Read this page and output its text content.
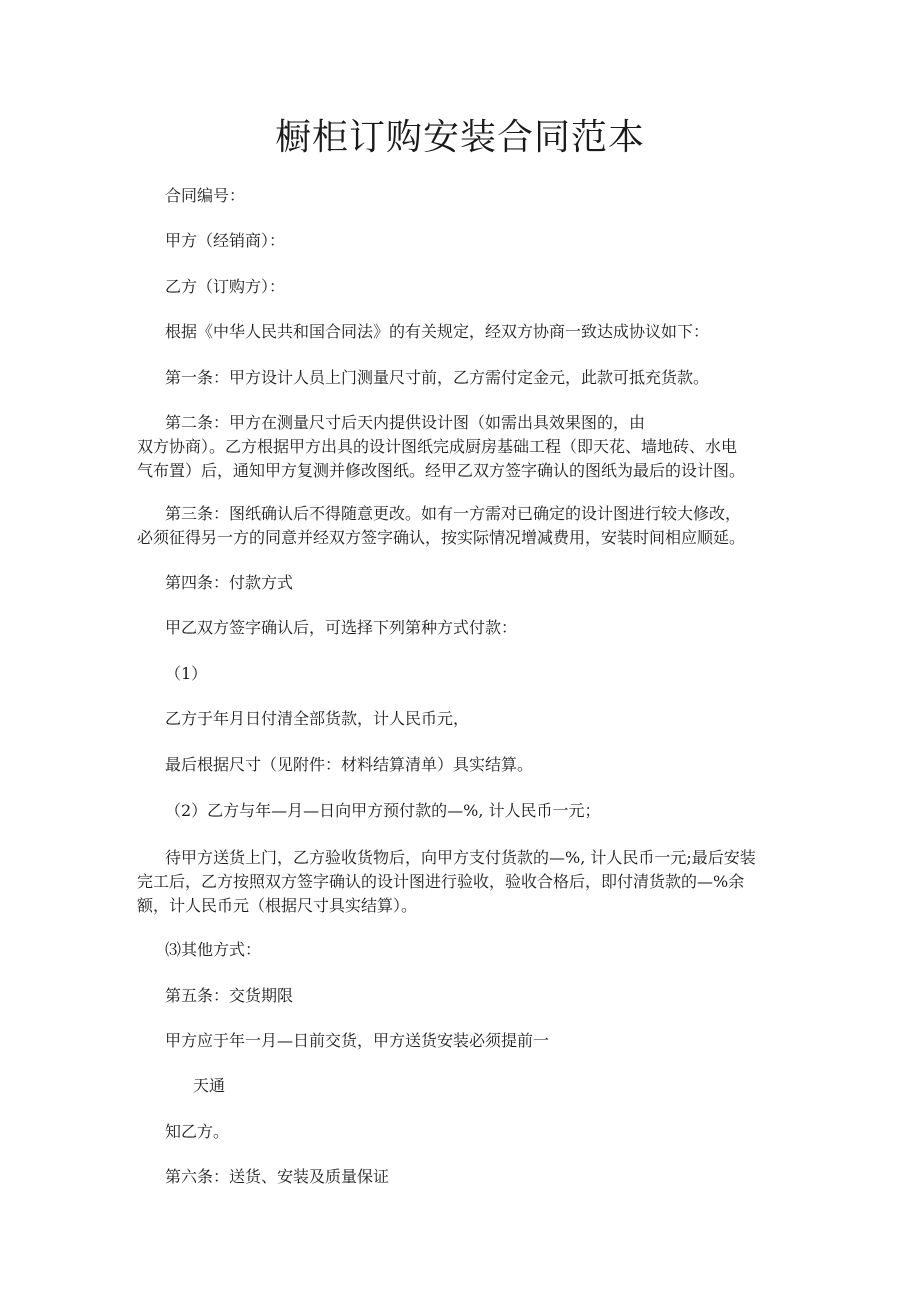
橱柜订购安装合同范本
合同编号：
甲方（经销商）：
乙方（订购方）：
根据《中华人民共和国合同法》的有关规定，经双方协商一致达成协议如下：
第一条：甲方设计人员上门测量尺寸前，乙方需付定金元，此款可抵充货款。
第二条：甲方在测量尺寸后天内提供设计图（如需出具效果图的，由
双方协商）。乙方根据甲方出具的设计图纸完成厨房基础工程（即天花、墙地砖、水电
气布置）后，通知甲方复测并修改图纸。经甲乙双方签字确认的图纸为最后的设计图。
第三条：图纸确认后不得随意更改。如有一方需对已确定的设计图进行较大修改，
必须征得另一方的同意并经双方签字确认，按实际情况增减费用，安装时间相应顺延。
第四条：付款方式
甲乙双方签字确认后，可选择下列第种方式付款：
（1）
乙方于年月日付清全部货款，计人民币元，
最后根据尺寸（见附件：材料结算清单）具实结算。
（2）乙方与年—月—日向甲方预付款的—%, 计人民币一元；
待甲方送货上门，乙方验收货物后，向甲方支付货款的—%, 计人民币一元;最后安装
完工后，乙方按照双方签字确认的设计图进行验收，验收合格后，即付清货款的—%余
额，计人民币元（根据尺寸具实结算）。
⑶其他方式：
第五条：交货期限
甲方应于年一月—日前交货，甲方送货安装必须提前一
天通
知乙方。
第六条：送货、安装及质量保证
